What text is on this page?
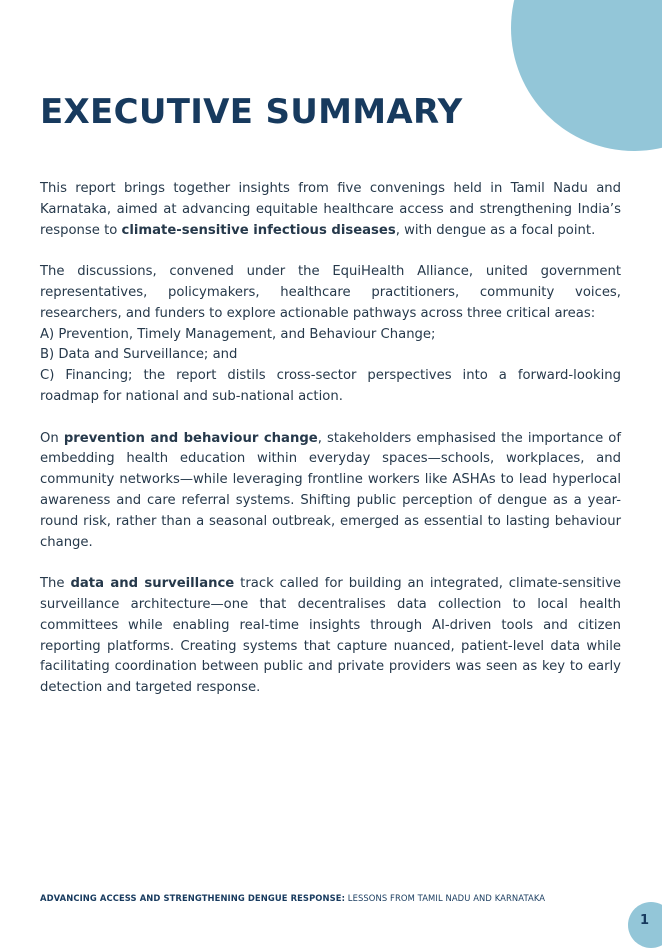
EXECUTIVE SUMMARY

This report brings together insights from five convenings held in Tamil Nadu and Karnataka, aimed at advancing equitable healthcare access and strengthening India’s response to climate-sensitive infectious diseases, with dengue as a focal point.

The discussions, convened under the EquiHealth Alliance, united government representatives, policymakers, healthcare practitioners, community voices, researchers, and funders to explore actionable pathways across three critical areas:
A) Prevention, Timely Management, and Behaviour Change;
B) Data and Surveillance; and
C) Financing; the report distils cross-sector perspectives into a forward-looking roadmap for national and sub-national action.

On prevention and behaviour change, stakeholders emphasised the importance of embedding health education within everyday spaces—schools, workplaces, and community networks—while leveraging frontline workers like ASHAs to lead hyperlocal awareness and care referral systems. Shifting public perception of dengue as a year-round risk, rather than a seasonal outbreak, emerged as essential to lasting behaviour change.

The data and surveillance track called for building an integrated, climate-sensitive surveillance architecture—one that decentralises data collection to local health committees while enabling real-time insights through AI-driven tools and citizen reporting platforms. Creating systems that capture nuanced, patient-level data while facilitating coordination between public and private providers was seen as key to early detection and targeted response.

ADVANCING ACCESS AND STRENGTHENING DENGUE RESPONSE: LESSONS FROM TAMIL NADU AND KARNATAKA
1
